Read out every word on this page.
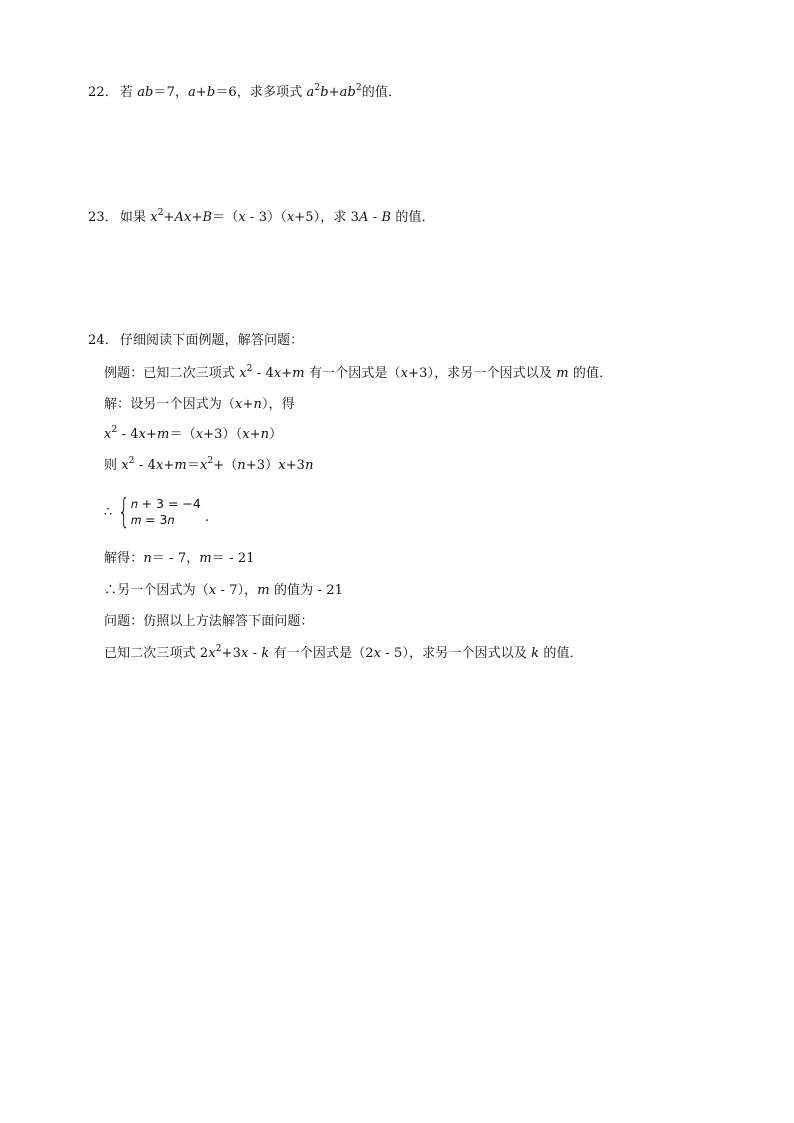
22． 若 ab＝7，a+b＝6，求多项式 $a^2b+ab^2$的值．
23． 如果 $x^2+Ax+B=(x - 3)(x+5)$，求 3A - B 的值．
24． 仔细阅读下面例题，解答问题：
例题：已知二次三项式 $x^2 - 4x+m$ 有一个因式是（x+3），求另一个因式以及 m 的值．
解：设另一个因式为（x+n），得
$x^2 - 4x+m=(x+3)(x+n)$
则 $x^2 - 4x+m=x^2+(n+3)x+3n$
∴ { 𝑛 + 3 = −4
𝑚 = 3𝑛	.
解得：n＝ - 7，m＝ - 21
∴另一个因式为（x - 7），m 的值为 - 21
问题：仿照以上方法解答下面问题：
已知二次三项式 $2x^2+3x - k$ 有一个因式是（2x - 5），求另一个因式以及 k 的值．
